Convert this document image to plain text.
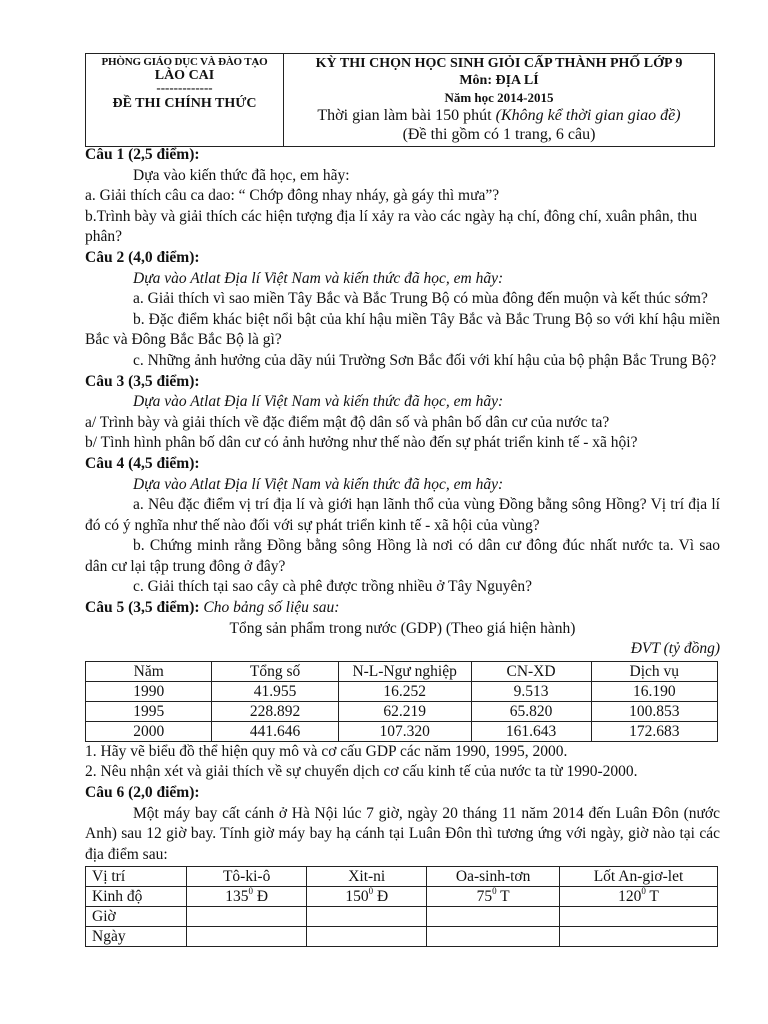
PHÒNG GIÁO DỤC VÀ ĐÀO TẠO
LÀO CAI
-------------
ĐỀ THI CHÍNH THỨC
KỲ THI CHỌN HỌC SINH GIỎI CẤP THÀNH PHỐ LỚP 9
Môn: ĐỊA LÍ
Năm học 2014-2015
Thời gian làm bài 150 phút (Không kể thời gian giao đề)
(Đề thi gồm có 1 trang, 6 câu)

Câu 1 (2,5 điểm):

Dựa vào kiến thức đã học, em hãy:

a. Giải thích câu ca dao: “ Chớp đông nhay nháy, gà gáy thì mưa”?

b.Trình bày và giải thích các hiện tượng địa lí xảy ra vào các ngày hạ chí, đông chí, xuân phân, thu phân?

Câu 2 (4,0 điểm):

Dựa vào Atlat Địa lí Việt Nam và kiến thức đã học, em hãy:

a. Giải thích vì sao miền Tây Bắc và Bắc Trung Bộ có mùa đông đến muộn và kết thúc sớm?

b. Đặc điểm khác biệt nổi bật của khí hậu miền Tây Bắc và Bắc Trung Bộ so với khí hậu miền Bắc và Đông Bắc Bắc Bộ là gì?

c. Những ảnh hưởng của dãy núi Trường Sơn Bắc đối với khí hậu của bộ phận Bắc Trung Bộ?

Câu 3 (3,5 điểm):

Dựa vào Atlat Địa lí Việt Nam và kiến thức đã học, em hãy:

a/ Trình bày và giải thích về đặc điểm mật độ dân số và phân bố dân cư của nước ta?

b/ Tình hình phân bố dân cư có ảnh hưởng như thế nào đến sự phát triển kinh tế - xã hội?

Câu 4 (4,5 điểm):

Dựa vào Atlat Địa lí Việt Nam và kiến thức đã học, em hãy:

a. Nêu đặc điểm vị trí địa lí và giới hạn lãnh thổ của vùng Đồng bằng sông Hồng? Vị trí địa lí đó có ý nghĩa như thế nào đối với sự phát triển kinh tế - xã hội của vùng?

b. Chứng minh rằng Đồng bằng sông Hồng là nơi có dân cư đông đúc nhất nước ta. Vì sao dân cư lại tập trung đông ở đây?

c. Giải thích tại sao cây cà phê được trồng nhiều ở Tây Nguyên?

Câu 5 (3,5 điểm): Cho bảng số liệu sau:

Tổng sản phẩm trong nước (GDP) (Theo giá hiện hành)

ĐVT (tỷ đồng)

Năm	Tổng số	N-L-Ngư nghiệp	CN-XD	Dịch vụ
1990	41.955	16.252	9.513	16.190
1995	228.892	62.219	65.820	100.853
2000	441.646	107.320	161.643	172.683

1. Hãy vẽ biểu đồ thể hiện quy mô và cơ cấu GDP các năm 1990, 1995, 2000.

2. Nêu nhận xét và giải thích về sự chuyển dịch cơ cấu kinh tế của nước ta từ 1990-2000.

Câu 6 (2,0 điểm):

Một máy bay cất cánh ở Hà Nội lúc 7 giờ, ngày 20 tháng 11 năm 2014 đến Luân Đôn (nước Anh) sau 12 giờ bay. Tính giờ máy bay hạ cánh tại Luân Đôn thì tương ứng với ngày, giờ nào tại các địa điểm sau:

Vị trí	Tô-ki-ô	Xit-ni	Oa-sinh-tơn	Lốt An-giơ-let
Kinh độ	$135^0$ Đ	$150^0$ Đ	$75^0$ T	$120^0$ T
Giờ				
Ngày				
